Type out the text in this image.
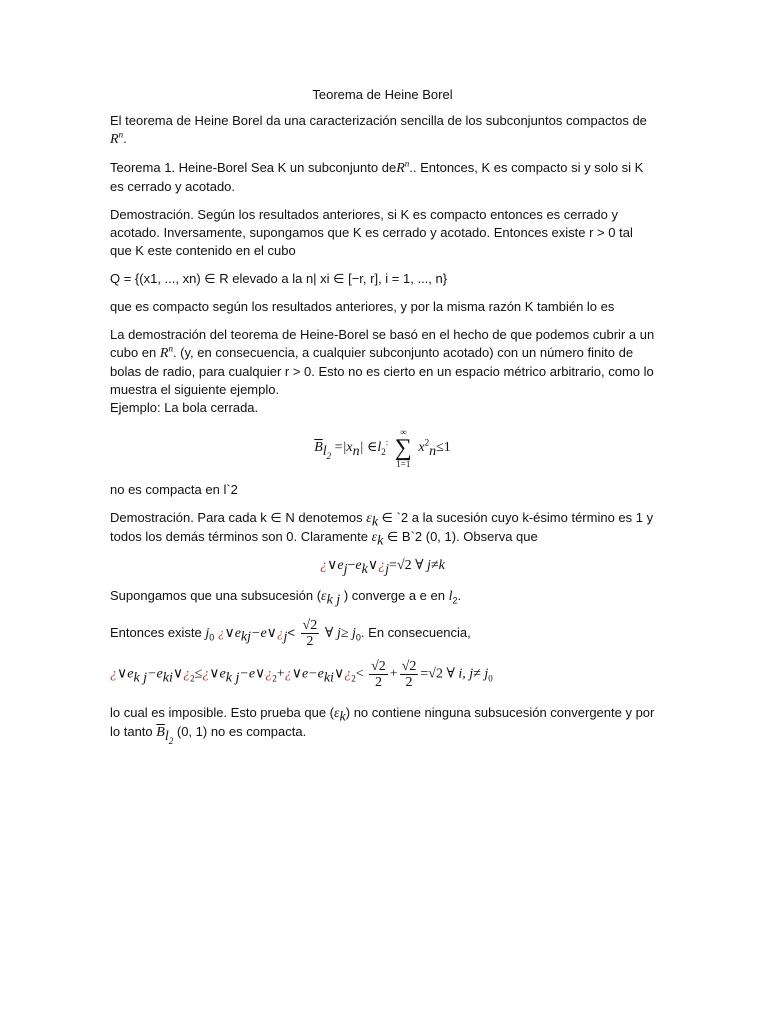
Teorema de Heine Borel

El teorema de Heine Borel da una caracterización sencilla de los subconjuntos compactos de $R^n$.

Teorema 1. Heine-Borel Sea K un subconjunto deR$^n$.. Entonces, K es compacto si y solo si K es cerrado y acotado.

Demostración. Según los resultados anteriores, si K es compacto entonces es cerrado y acotado. Inversamente, supongamos que K es cerrado y acotado. Entonces existe r > 0 tal que K este contenido en el cubo

Q = {(x1, ..., xn) ∈ R elevado a la n| xi ∈ [−r, r], i = 1, ..., n}

que es compacto según los resultados anteriores, y por la misma razón K también lo es

La demostración del teorema de Heine-Borel se basó en el hecho de que podemos cubrir a un cubo en $R^n$. (y, en consecuencia, a cualquier subconjunto acotado) con un número finito de bolas de radio, para cualquier r > 0. Esto no es cierto en un espacio métrico arbitrario, como lo muestra el siguiente ejemplo.

Ejemplo: La bola cerrada.

$\overline{B}_{l_2} =|x_n|$ $\in l_2^:$
∞
∑
1=1
$x^2_n\le 1$

no es compacta en l`2

Demostración. Para cada k ∈ N denotemos $\varepsilon_k$ ∈ `2 a la sucesión cuyo k-ésimo término es 1 y todos los demás términos son 0. Claramente $\varepsilon_k$ ∈ B`2 (0, 1). Observa que

¿$\vee e_j-e_k\vee¿_j=√2$ ∀ j≠k

Supongamos que una subsucesión ($\varepsilon_{k j}$ ) converge a e en $l_2$.

Entonces existe $j_0$ ¿$\vee e_{kj}-e\vee¿_j< \frac{√2}{2}$ ∀ $j\ge j_0$. En consecuencia,

¿$\vee e_{k j}-e_{ki}\vee¿_2\le¿\vee e_{k j}-e\vee¿_2+¿\vee e-e_{ki}\vee¿_2< \frac{√2}{2} + \frac{√2}{2} =√2$ ∀ i, $j\ne j_0$

lo cual es imposible. Esto prueba que $(\varepsilon_k)$ no contiene ninguna subsucesión convergente y por lo tanto $\overline{B}_{l_2}$ (0, 1) no es compacta.
